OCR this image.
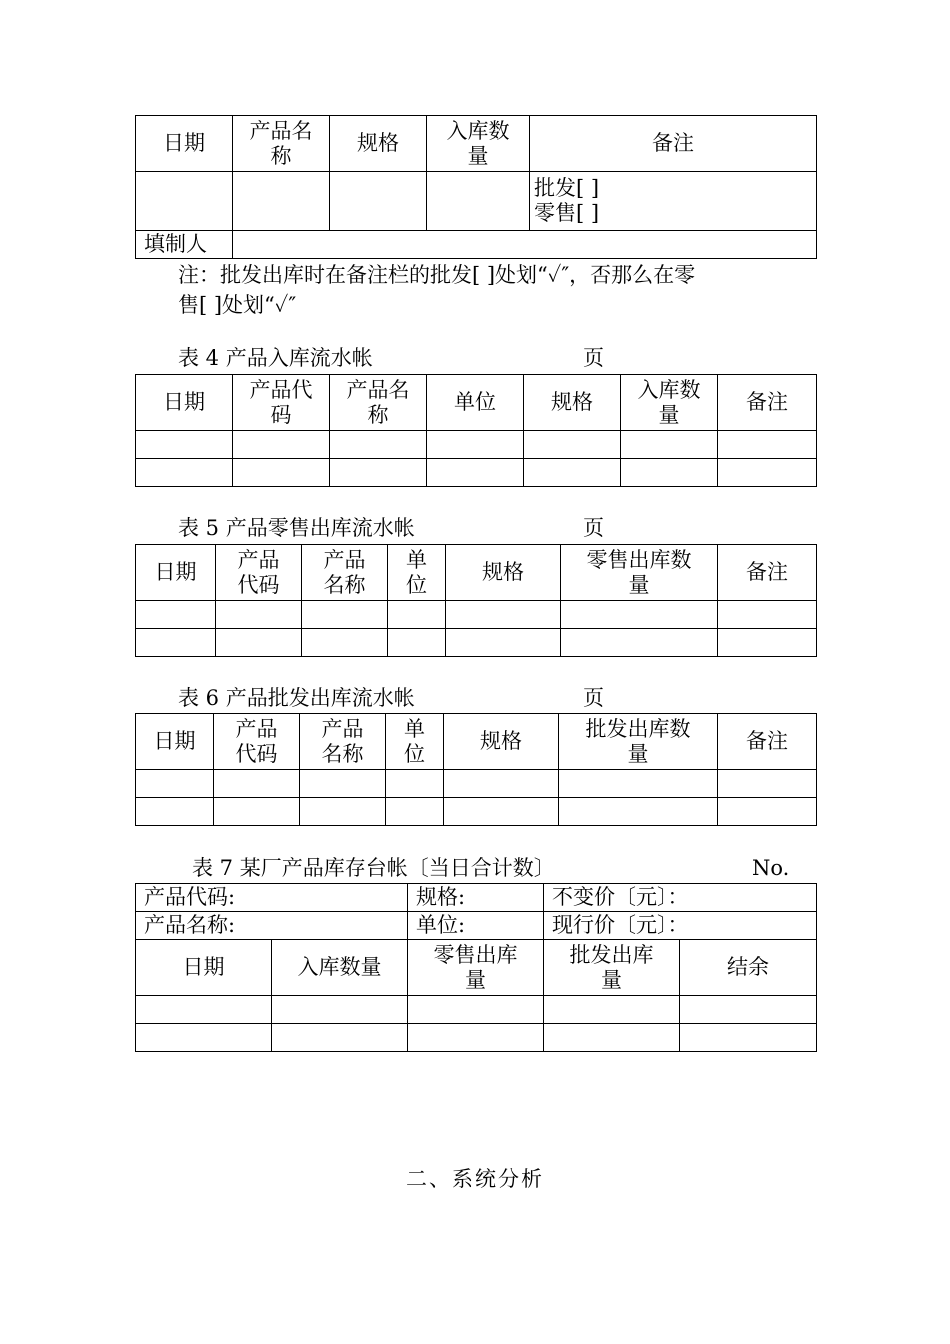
日期	产品名称	规格	入库数量	备注

				批发[ ]
零售[ ]

填制人				
注：批发出库时在备注栏的批发[ ]处划“✓″，否那么在零
售[ ]处划“✓″
表 4 产品入库流水帐	页
日期	产品代码	产品名称	单位	规格	入库数量	备注

表 5 产品零售出库流水帐	页
日期	产品代码	产品名称	单位	规格	零售出库数量	备注

表 6 产品批发出库流水帐	页
日期	产品代码	产品名称	单位	规格	批发出库数量	备注

表 7 某厂产品库存台帐〔当日合计数〕	No.
产品代码:		规格:	不变价〔元〕：	
产品名称:		单位:	现行价〔元〕：	
日期	入库数量	零售出库量	批发出库量	结余

二、系统分析
